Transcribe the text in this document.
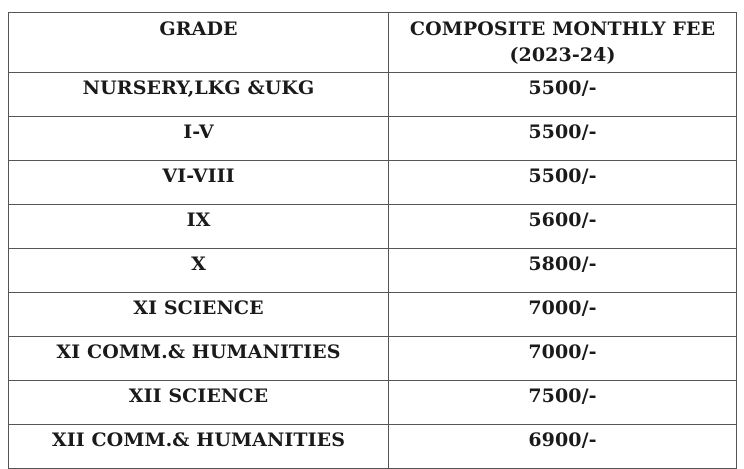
GRADE	COMPOSITE MONTHLY FEE
(2023-24)

NURSERY,LKG &UKG	5500/-
I-V	5500/-
VI-VIII	5500/-
IX	5600/-
X	5800/-
XI SCIENCE	7000/-
XI COMM.& HUMANITIES	7000/-
XII SCIENCE	7500/-
XII COMM.& HUMANITIES	6900/-
